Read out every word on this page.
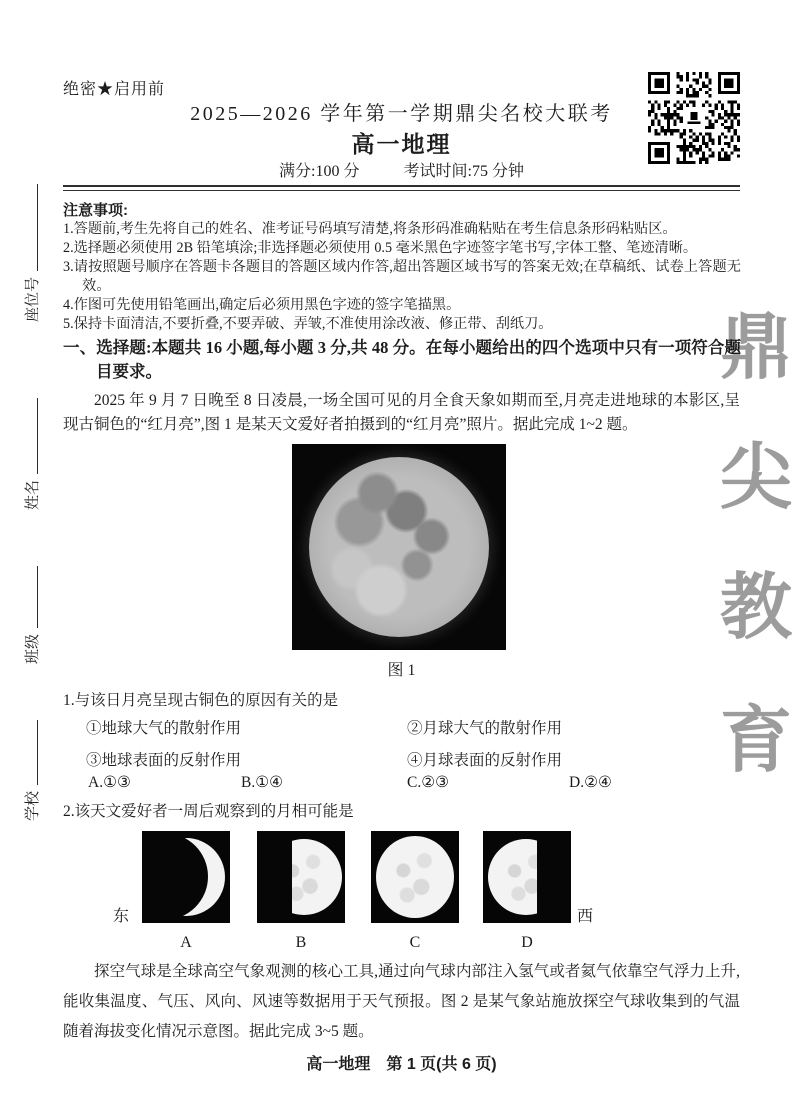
座位号
姓名
班级
学校
鼎
尖
教
育
绝密★启用前
2025—2026 学年第一学期鼎尖名校大联考
高一地理
满分:100 分	考试时间:75 分钟
注意事项:
1.答题前,考生先将自己的姓名、准考证号码填写清楚,将条形码准确粘贴在考生信息条形码粘贴区。
2.选择题必须使用 2B 铅笔填涂;非选择题必须使用 0.5 毫米黑色字迹签字笔书写,字体工整、笔迹清晰。
3.请按照题号顺序在答题卡各题目的答题区域内作答,超出答题区域书写的答案无效;在草稿纸、试卷上答题无效。
4.作图可先使用铅笔画出,确定后必须用黑色字迹的签字笔描黑。
5.保持卡面清洁,不要折叠,不要弄破、弄皱,不准使用涂改液、修正带、刮纸刀。
一、选择题:本题共 16 小题,每小题 3 分,共 48 分。在每小题给出的四个选项中只有一项符合题目要求。
2025 年 9 月 7 日晚至 8 日凌晨,一场全国可见的月全食天象如期而至,月亮走进地球的本影区,呈现古铜色的“红月亮”,图 1 是某天文爱好者拍摄到的“红月亮”照片。据此完成 1~2 题。
图 1
1.与该日月亮呈现古铜色的原因有关的是
①地球大气的散射作用	②月球大气的散射作用
③地球表面的反射作用	④月球表面的反射作用
A.①③	B.①④	C.②③	D.②④
2.该天文爱好者一周后观察到的月相可能是
东	西
A	B	C	D
探空气球是全球高空气象观测的核心工具,通过向气球内部注入氢气或者氦气依靠空气浮力上升,能收集温度、气压、风向、风速等数据用于天气预报。图 2 是某气象站施放探空气球收集到的气温随着海拔变化情况示意图。据此完成 3~5 题。
高一地理　第 1 页(共 6 页)
